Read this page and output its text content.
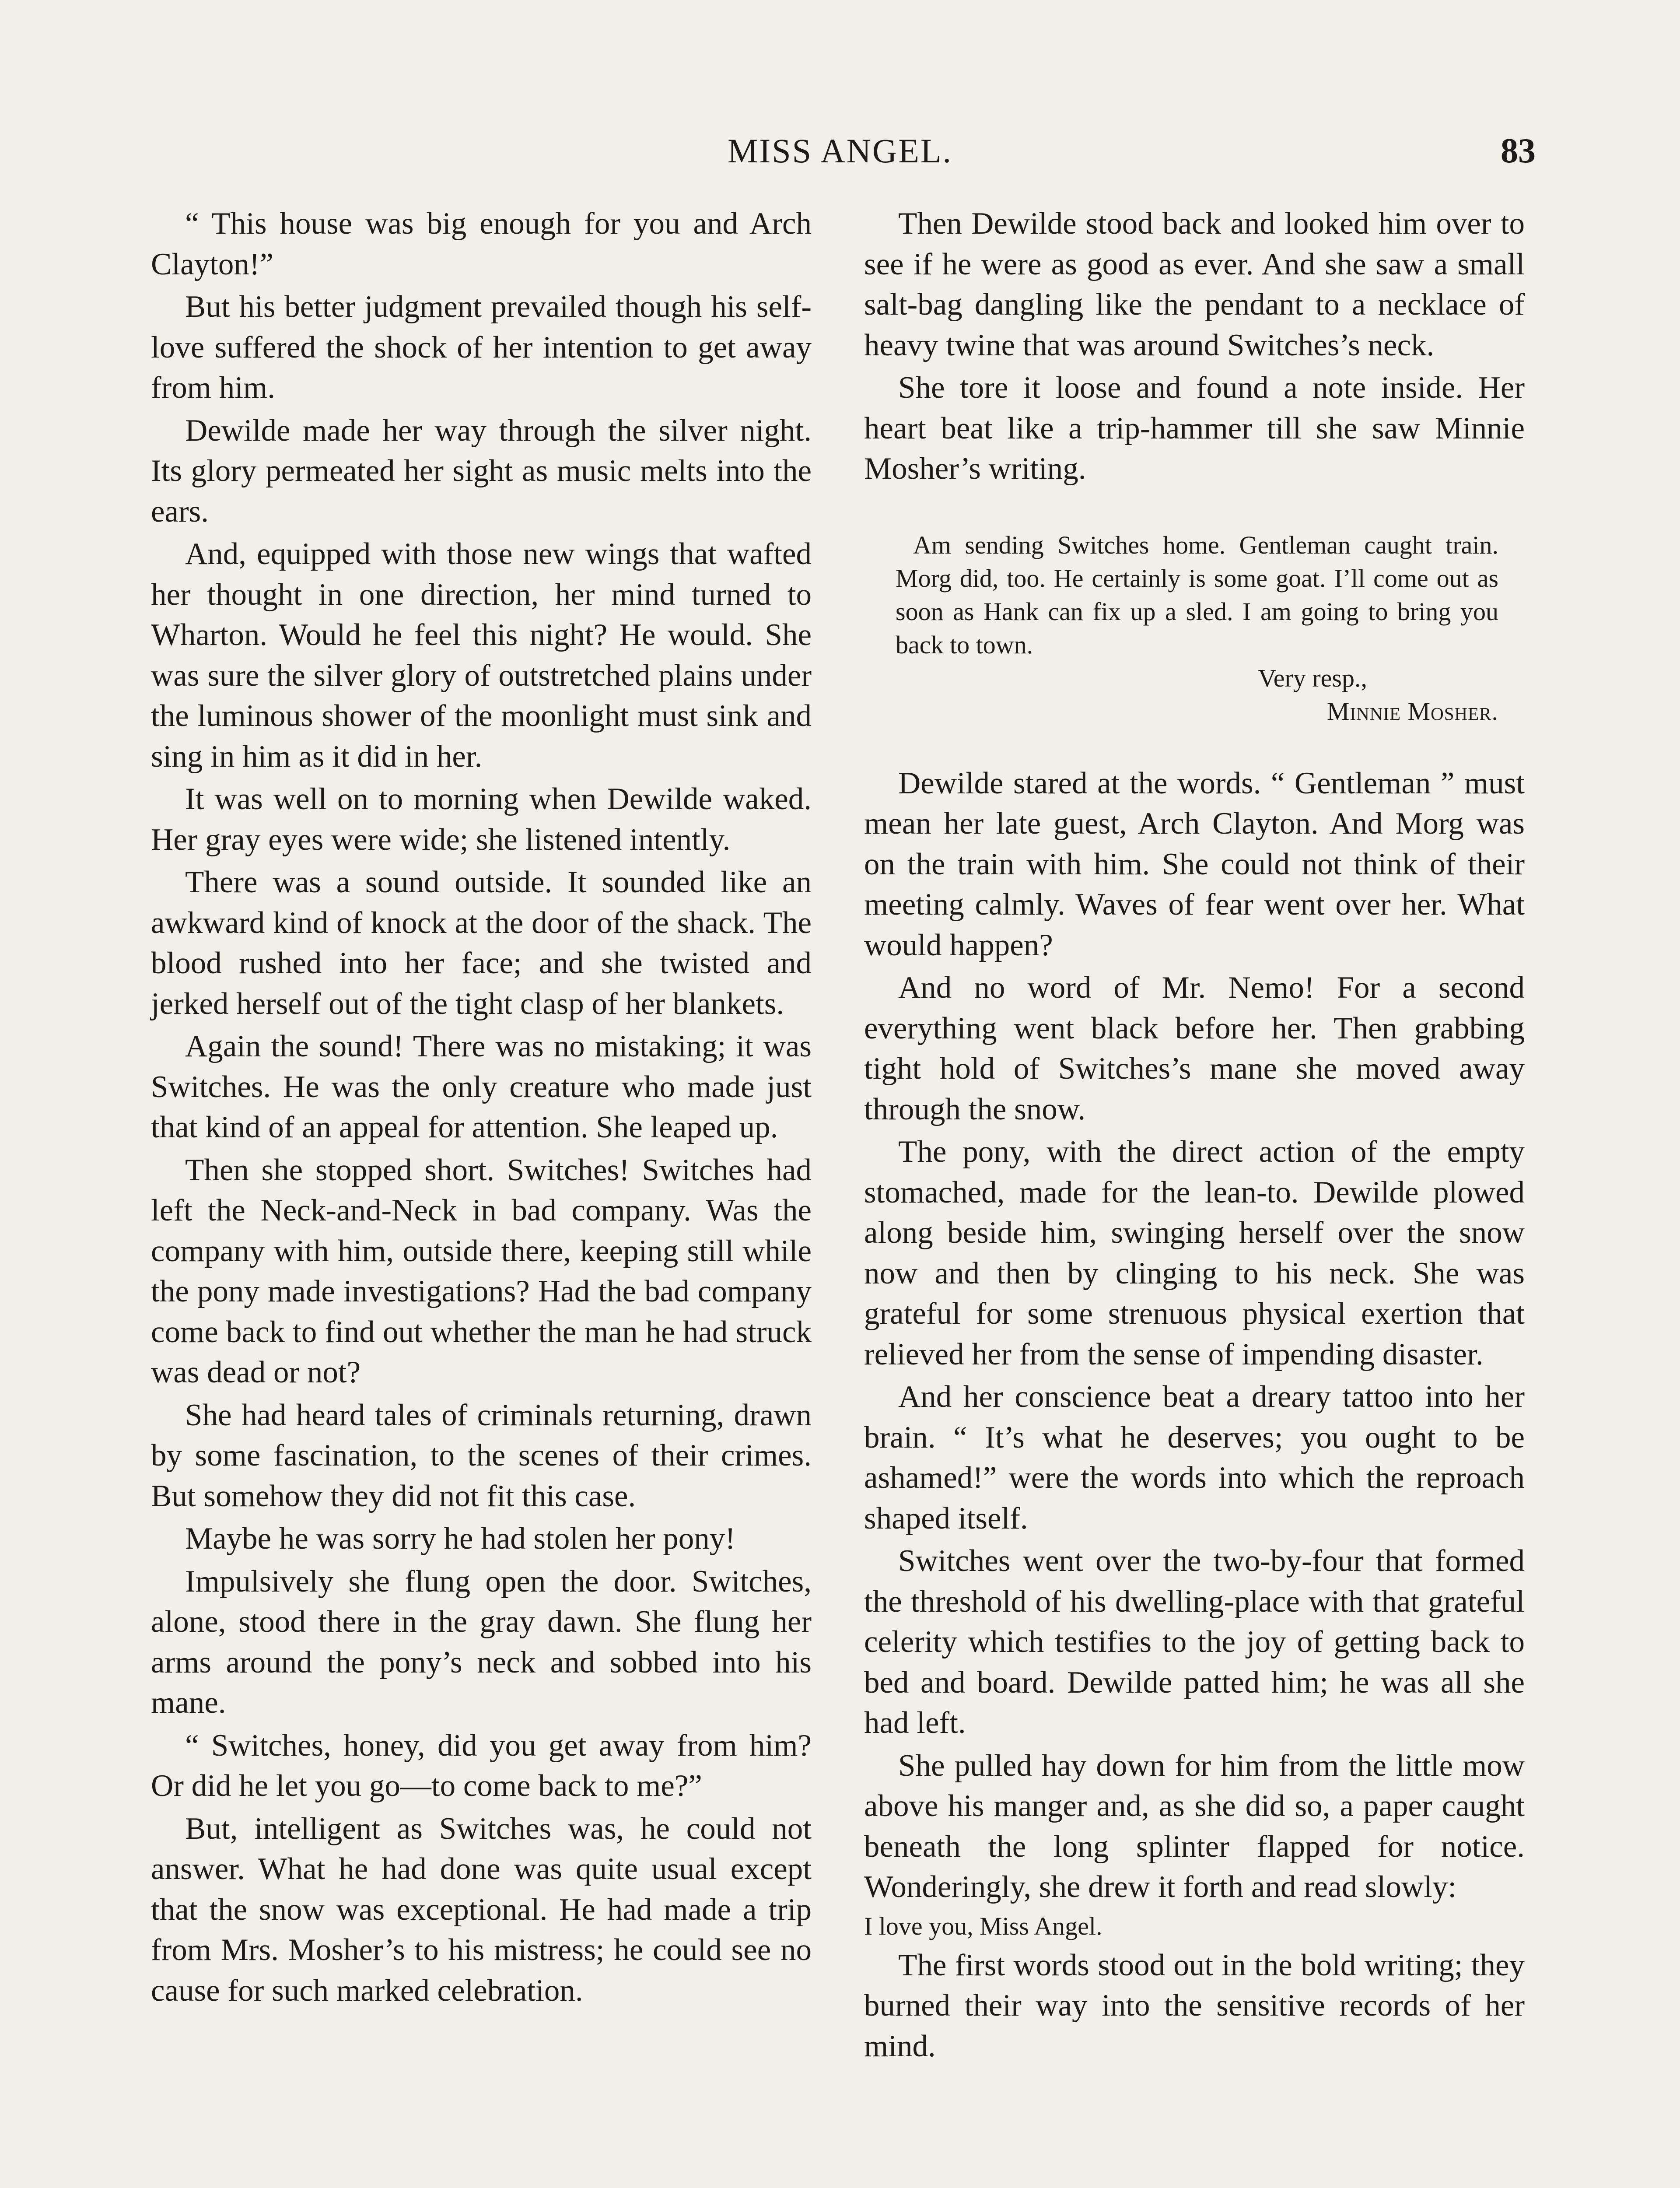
MISS ANGEL.	83

“ This house was big enough for you and Arch Clayton!”

But his better judgment prevailed though his self-love suffered the shock of her intention to get away from him.

Dewilde made her way through the silver night. Its glory permeated her sight as music melts into the ears.

And, equipped with those new wings that wafted her thought in one direction, her mind turned to Wharton. Would he feel this night? He would. She was sure the silver glory of outstretched plains under the luminous shower of the moonlight must sink and sing in him as it did in her.

It was well on to morning when Dewilde waked. Her gray eyes were wide; she listened intently.

There was a sound outside. It sounded like an awkward kind of knock at the door of the shack. The blood rushed into her face; and she twisted and jerked herself out of the tight clasp of her blankets.

Again the sound! There was no mistaking; it was Switches. He was the only creature who made just that kind of an appeal for attention. She leaped up.

Then she stopped short. Switches! Switches had left the Neck-and-Neck in bad company. Was the company with him, outside there, keeping still while the pony made investigations? Had the bad company come back to find out whether the man he had struck was dead or not?

She had heard tales of criminals returning, drawn by some fascination, to the scenes of their crimes. But somehow they did not fit this case.

Maybe he was sorry he had stolen her pony!

Impulsively she flung open the door. Switches, alone, stood there in the gray dawn. She flung her arms around the pony’s neck and sobbed into his mane.

“ Switches, honey, did you get away from him? Or did he let you go—to come back to me?”

But, intelligent as Switches was, he could not answer. What he had done was quite usual except that the snow was exceptional. He had made a trip from Mrs. Mosher’s to his mistress; he could see no cause for such marked celebration.

Then Dewilde stood back and looked him over to see if he were as good as ever. And she saw a small salt-bag dangling like the pendant to a necklace of heavy twine that was around Switches’s neck.

She tore it loose and found a note inside. Her heart beat like a trip-hammer till she saw Minnie Mosher’s writing.

Am sending Switches home. Gentleman caught train. Morg did, too. He certainly is some goat. I’ll come out as soon as Hank can fix up a sled. I am going to bring you back to town.

Very resp.,
Minnie Mosher.

Dewilde stared at the words. “ Gentleman ” must mean her late guest, Arch Clayton. And Morg was on the train with him. She could not think of their meeting calmly. Waves of fear went over her. What would happen?

And no word of Mr. Nemo! For a second everything went black before her. Then grabbing tight hold of Switches’s mane she moved away through the snow.

The pony, with the direct action of the empty stomached, made for the lean-to. Dewilde plowed along beside him, swinging herself over the snow now and then by clinging to his neck. She was grateful for some strenuous physical exertion that relieved her from the sense of impending disaster.

And her conscience beat a dreary tattoo into her brain. “ It’s what he deserves; you ought to be ashamed!” were the words into which the reproach shaped itself.

Switches went over the two-by-four that formed the threshold of his dwelling-place with that grateful celerity which testifies to the joy of getting back to bed and board. Dewilde patted him; he was all she had left.

She pulled hay down for him from the little mow above his manger and, as she did so, a paper caught beneath the long splinter flapped for notice. Wonderingly, she drew it forth and read slowly:

I love you, Miss Angel.

The first words stood out in the bold writing; they burned their way into the sensitive records of her mind.
